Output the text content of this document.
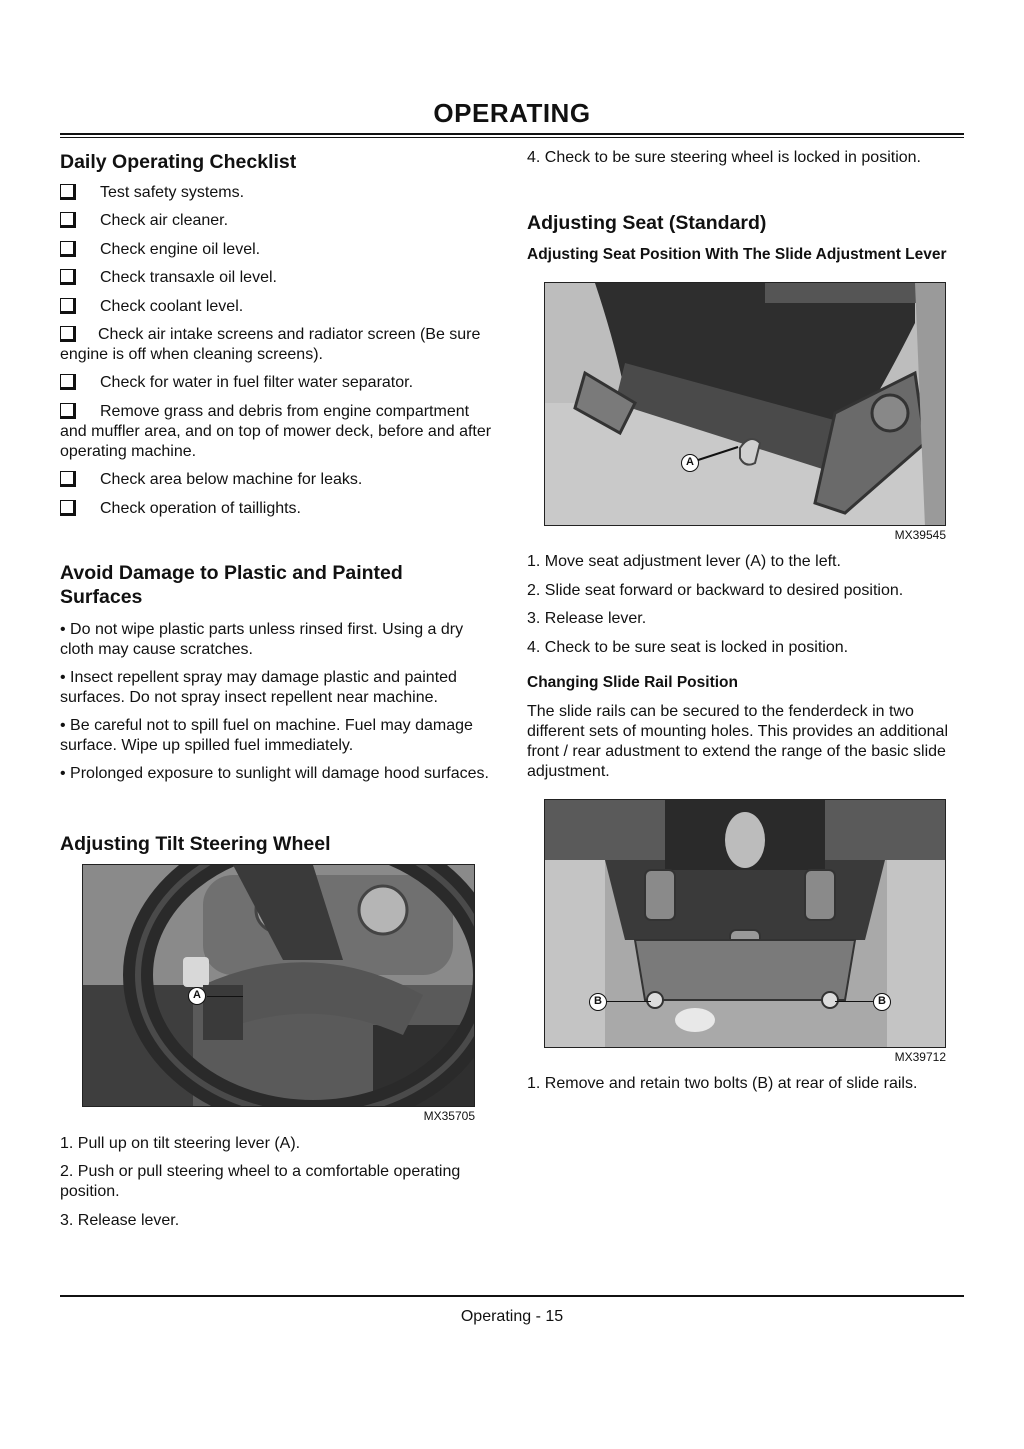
OPERATING
Daily Operating Checklist
Test safety systems.
Check air cleaner.
Check engine oil level.
Check transaxle oil level.
Check coolant level.
Check air intake screens and radiator screen (Be sure engine is off when cleaning screens).
Check for water in fuel filter water separator.
Remove grass and debris from engine compartment and muffler area, and on top of mower deck, before and after operating machine.
Check area below machine for leaks.
Check operation of taillights.
Avoid Damage to Plastic and Painted Surfaces

• Do not wipe plastic parts unless rinsed first. Using a dry cloth may cause scratches.

• Insect repellent spray may damage plastic and painted surfaces. Do not spray insect repellent near machine.

• Be careful not to spill fuel on machine. Fuel may damage surface. Wipe up spilled fuel immediately.

• Prolonged exposure to sunlight will damage hood surfaces.

Adjusting Tilt Steering Wheel
A
MX35705

1. Pull up on tilt steering lever (A).

2. Push or pull steering wheel to a comfortable operating position.

3. Release lever.

4. Check to be sure steering wheel is locked in position.

Adjusting Seat (Standard)
Adjusting Seat Position With The Slide Adjustment Lever
A
MX39545

1. Move seat adjustment lever (A) to the left.

2. Slide seat forward or backward to desired position.

3. Release lever.

4. Check to be sure seat is locked in position.

Changing Slide Rail Position

The slide rails can be secured to the fenderdeck in two different sets of mounting holes. This provides an additional front / rear adustment to extend the range of the basic slide adjustment.

B	B
MX39712

1. Remove and retain two bolts (B) at rear of slide rails.

Operating - 15
